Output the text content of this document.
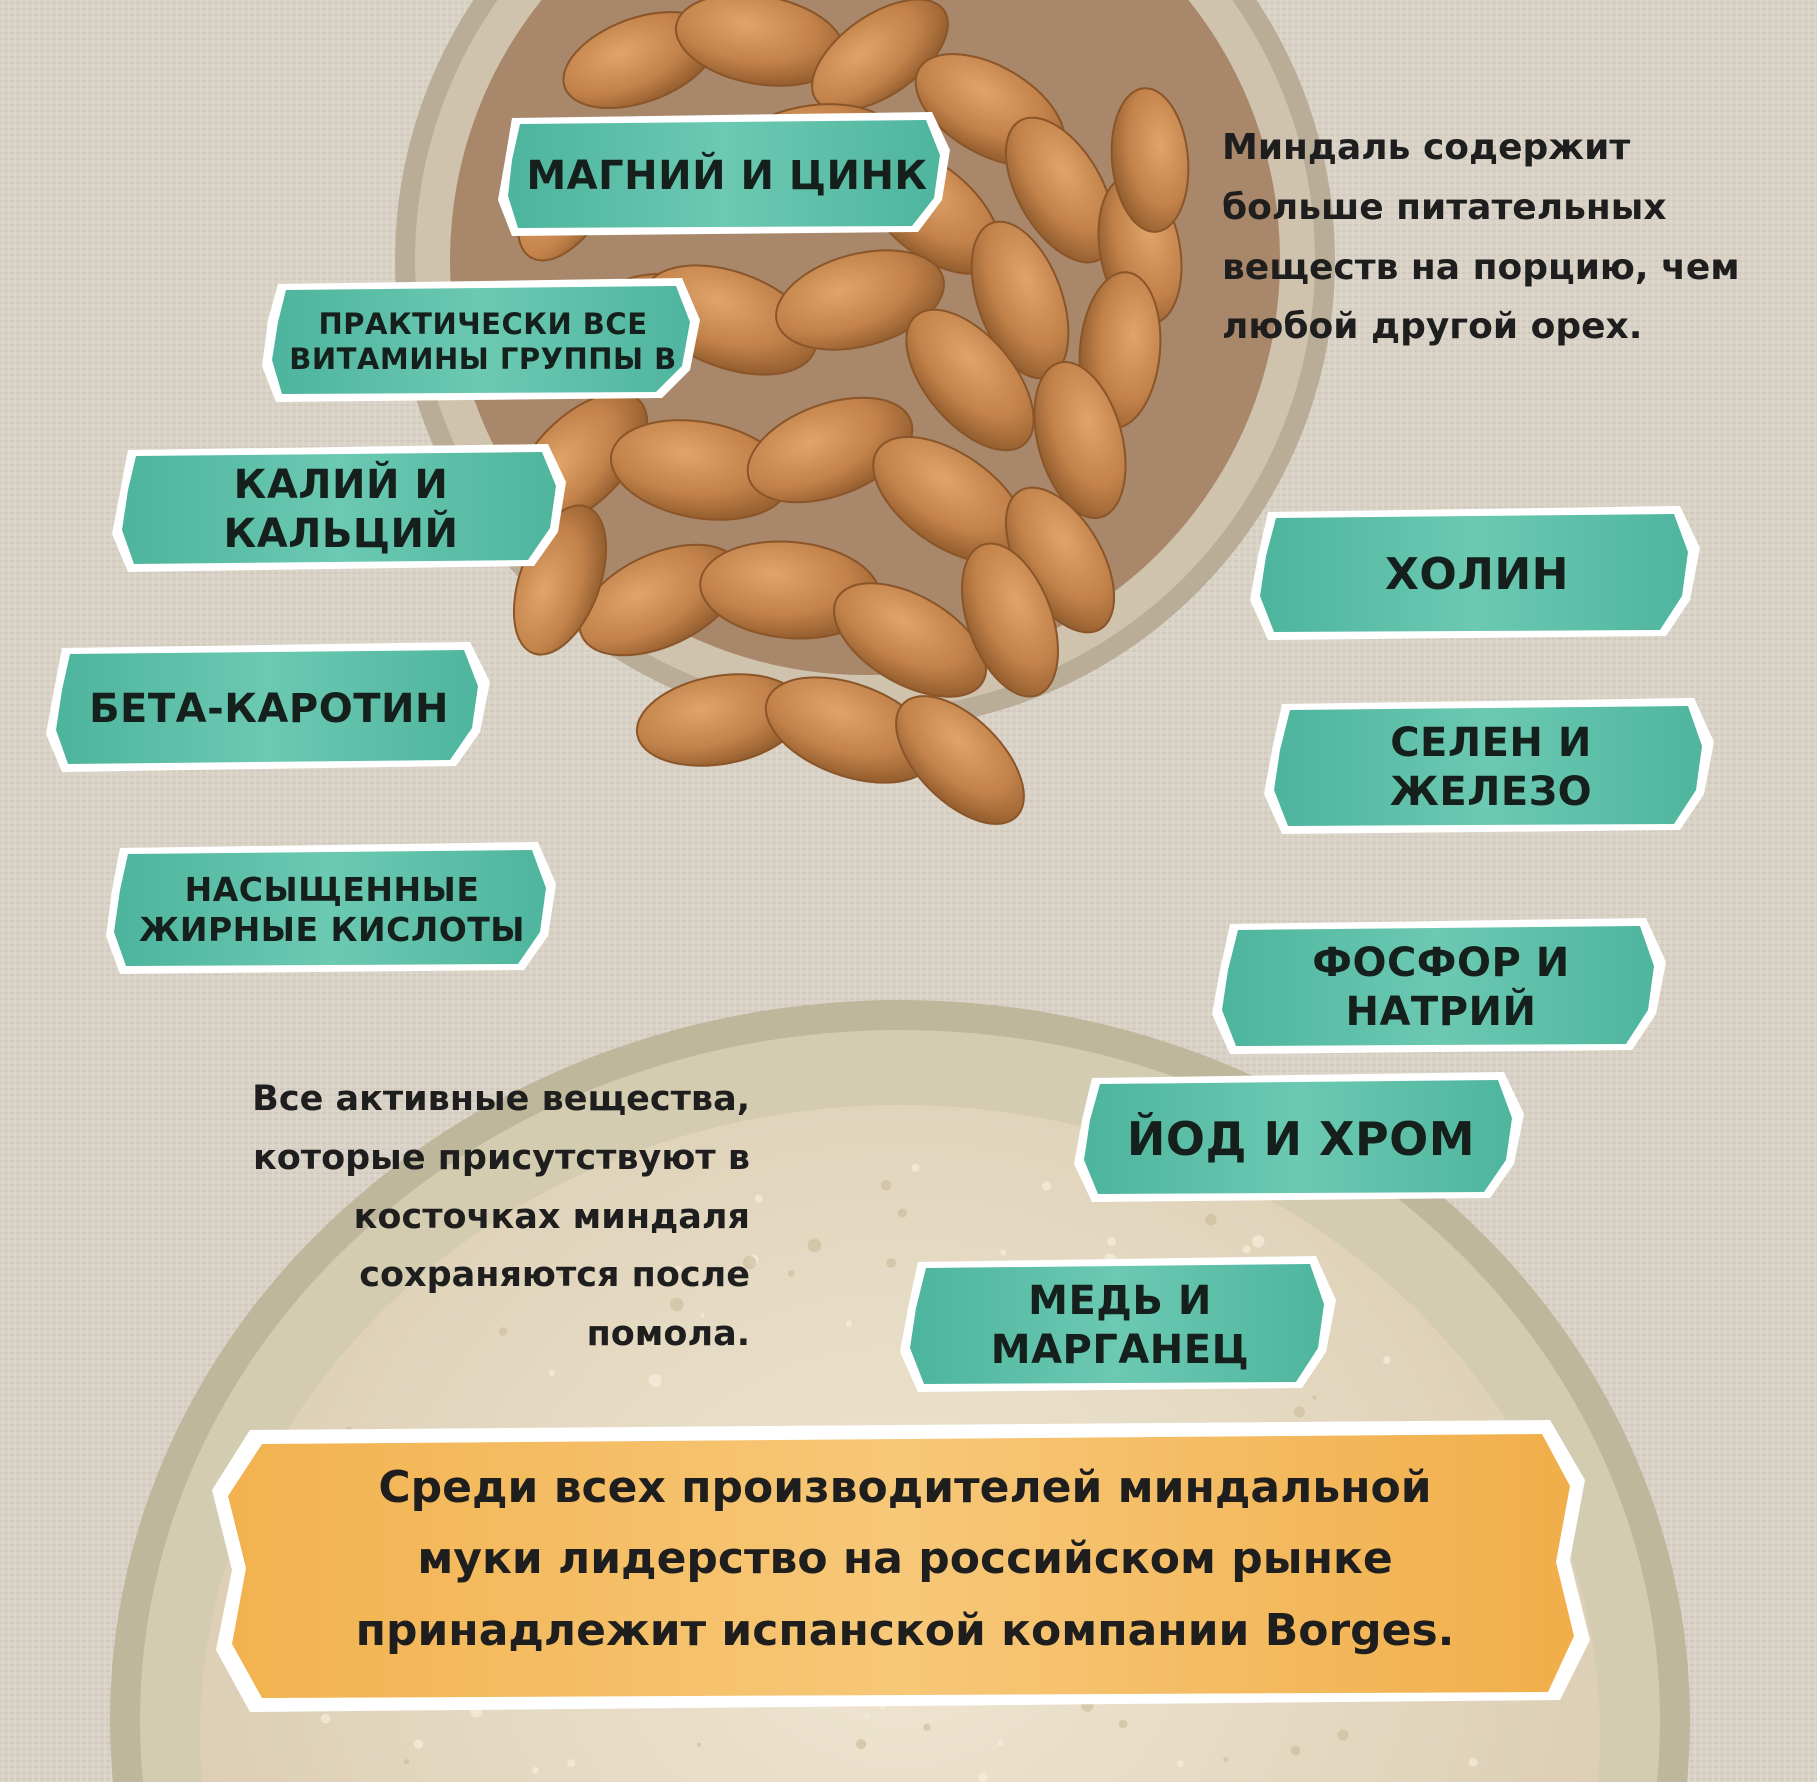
МАГНИЙ И ЦИНК
ПРАКТИЧЕСКИ ВСЕ
ВИТАМИНЫ ГРУППЫ В
КАЛИЙ И КАЛЬЦИЙ
БЕТА-КАРОТИН
НАСЫЩЕННЫЕ
ЖИРНЫЕ КИСЛОТЫ
ХОЛИН
СЕЛЕН И
ЖЕЛЕЗО
ФОСФОР И
НАТРИЙ
ЙОД И ХРОМ
МЕДЬ И
МАРГАНЕЦ
Миндаль содержит
больше питательных
веществ на порцию, чем
любой другой орех.
Все активные вещества,
которые присутствуют в
косточках миндаля
сохраняются после
помола.
Среди всех производителей миндальной
муки лидерство на российском рынке
принадлежит испанской компании Borges.
